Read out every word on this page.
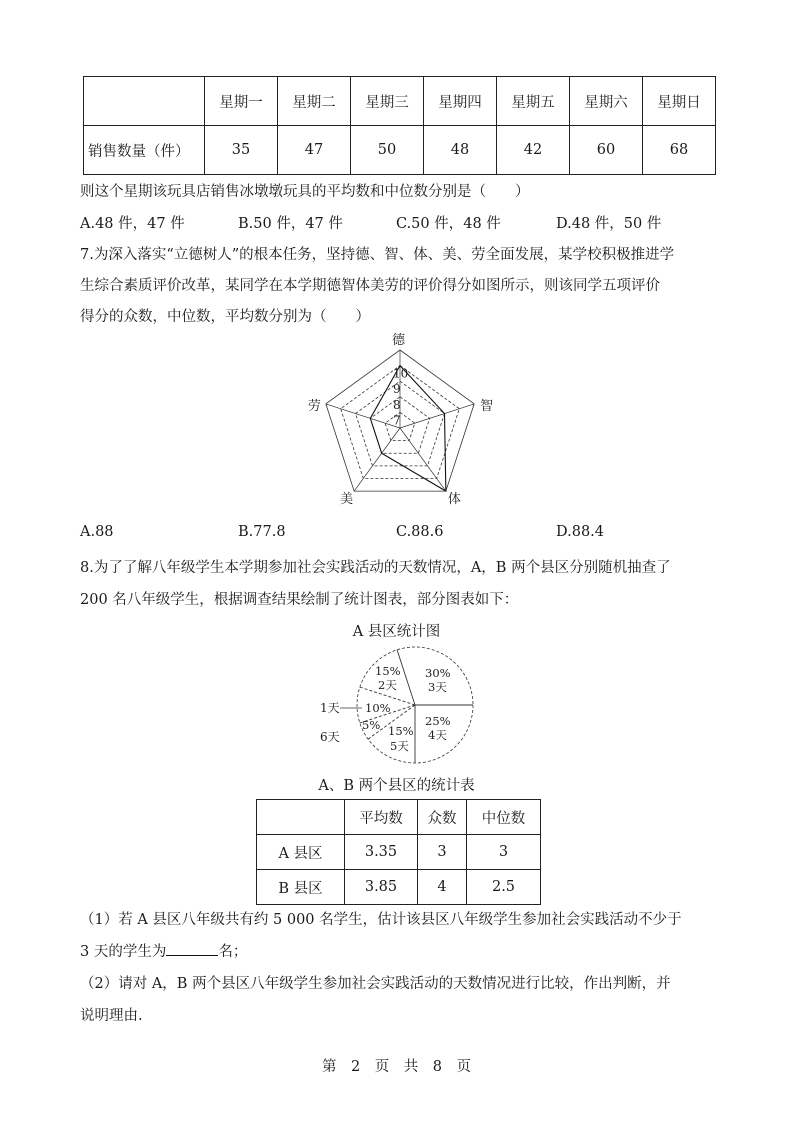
	星期一	星期二	星期三	星期四	星期五	星期六	星期日
销售数量（件）	35	47	50	48	42	60	68
则这个星期该玩具店销售冰墩墩玩具的平均数和中位数分别是（　　）
A.48 件，47 件	B.50 件，47 件	C.50 件，48 件	D.48 件，50 件
7.为深入落实“立德树人”的根本任务，坚持德、智、体、美、劳全面发展，某学校积极推进学
生综合素质评价改革，某同学在本学期德智体美劳的评价得分如图所示，则该同学五项评价
得分的众数，中位数，平均数分别为（　　）
7
8
9
10
德
智
体
美
劳
A.88	B.77.8	C.88.6	D.88.4
8.为了了解八年级学生本学期参加社会实践活动的天数情况，A，B 两个县区分别随机抽查了
200 名八年级学生，根据调查结果绘制了统计图表，部分图表如下：
A 县区统计图
15%
2天
30%
3天
10%
25%
4天
5% 15%
5天
1天
6天
A、B 两个县区的统计表
	平均数	众数	中位数
A 县区	3.35	3	3
B 县区	3.85	4	2.5
（1）若 A 县区八年级共有约 5 000 名学生，估计该县区八年级学生参加社会实践活动不少于
3 天的学生为	名；
（2）请对 A，B 两个县区八年级学生参加社会实践活动的天数情况进行比较，作出判断，并
说明理由.
第　2　页　共　8　页
